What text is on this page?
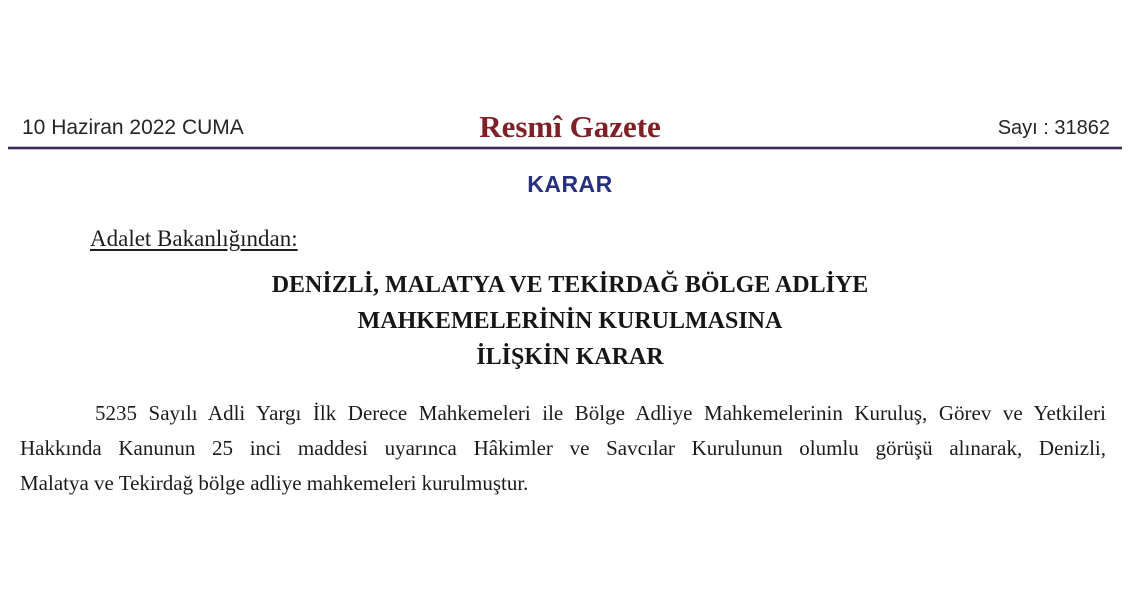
10 Haziran 2022 CUMA	Resmî Gazete	Sayı : 31862
KARAR
Adalet Bakanlığından:
DENİZLİ, MALATYA VE TEKİRDAĞ BÖLGE ADLİYE
MAHKEMELERİNİN KURULMASINA
İLİŞKİN KARAR
5235 Sayılı Adli Yargı İlk Derece Mahkemeleri ile Bölge Adliye Mahkemelerinin Kuruluş, Görev ve Yetkileri
Hakkında Kanunun 25 inci maddesi uyarınca Hâkimler ve Savcılar Kurulunun olumlu görüşü alınarak, Denizli,
Malatya ve Tekirdağ bölge adliye mahkemeleri kurulmuştur.
